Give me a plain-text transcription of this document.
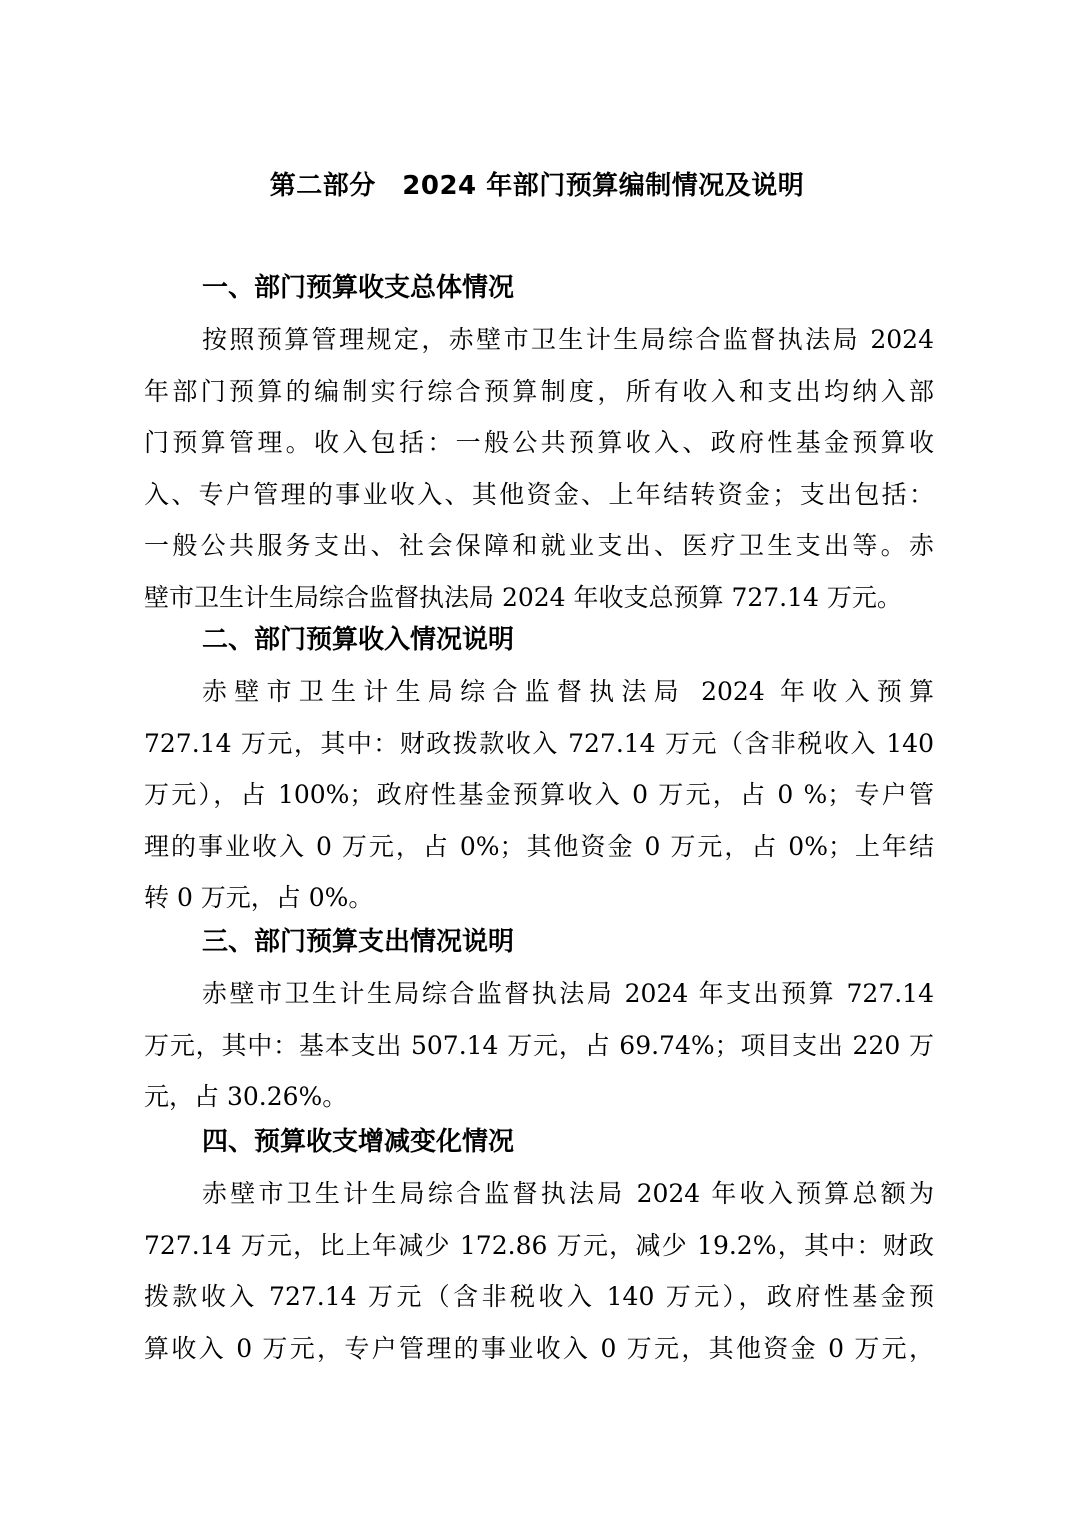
第二部分　2024 年部门预算编制情况及说明
一、部门预算收支总体情况
按照预算管理规定，赤壁市卫生计生局综合监督执法局 2024
年部门预算的编制实行综合预算制度，所有收入和支出均纳入部
门预算管理。收入包括：一般公共预算收入、政府性基金预算收
入、专户管理的事业收入、其他资金、上年结转资金；支出包括：
一般公共服务支出、社会保障和就业支出、医疗卫生支出等。赤
壁市卫生计生局综合监督执法局 2024 年收支总预算 727.14 万元。
二、部门预算收入情况说明
赤壁市卫生计生局综合监督执法局 2024 年收入预算
727.14 万元，其中：财政拨款收入 727.14 万元（含非税收入 140
万元），占 100%；政府性基金预算收入 0 万元，占 0 %；专户管
理的事业收入 0 万元，占 0%；其他资金 0 万元，占 0%；上年结
转 0 万元，占 0%。
三、部门预算支出情况说明
赤壁市卫生计生局综合监督执法局 2024 年支出预算 727.14
万元，其中：基本支出 507.14 万元，占 69.74%；项目支出 220 万
元，占 30.26%。
四、预算收支增减变化情况
赤壁市卫生计生局综合监督执法局 2024 年收入预算总额为
727.14 万元，比上年减少 172.86 万元，减少 19.2%，其中：财政
拨款收入 727.14 万元（含非税收入 140 万元），政府性基金预
算收入 0 万元，专户管理的事业收入 0 万元，其他资金 0 万元，
